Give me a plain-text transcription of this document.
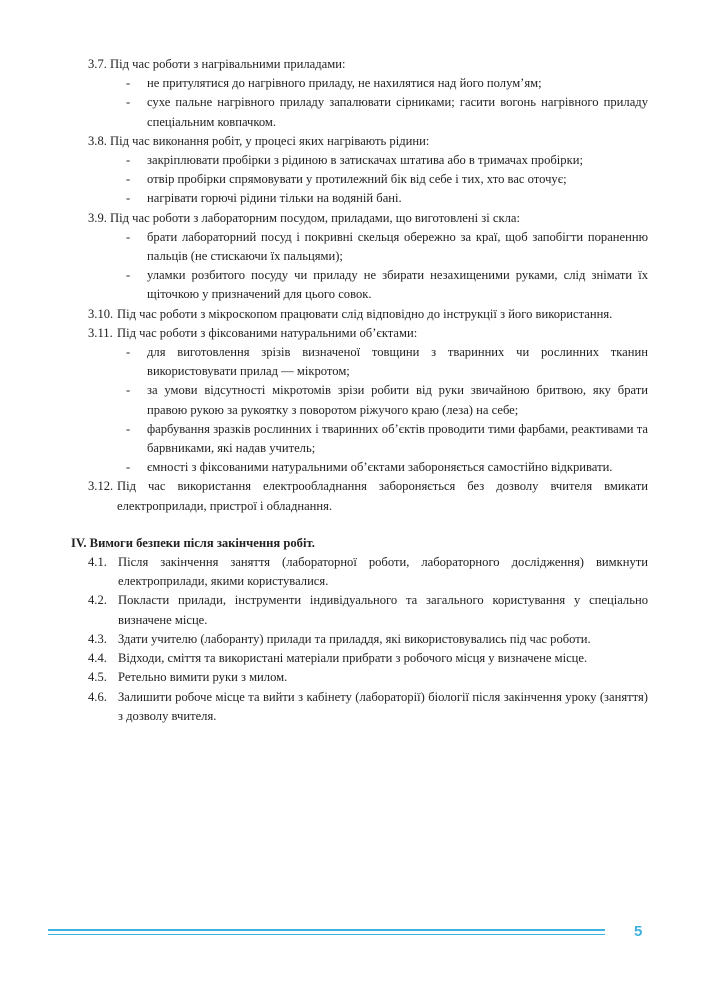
3.7. Під час роботи з нагрівальними приладами:
- не притулятися до нагрівного приладу, не нахилятися над його полум’ям;
- сухе пальне нагрівного приладу запалювати сірниками; гасити вогонь нагрівного приладу спеціальним ковпачком.
3.8. Під час виконання робіт, у процесі яких нагрівають рідини:
- закріплювати пробірки з рідиною в затискачах штатива або в тримачах пробірки;
- отвір пробірки спрямовувати у протилежний бік від себе і тих, хто вас оточує;
- нагрівати горючі рідини тільки на водяній бані.
3.9. Під час роботи з лабораторним посудом, приладами, що виготовлені зі скла:
- брати лабораторний посуд і покривні скельця обережно за краї, щоб запобігти пораненню пальців (не стискаючи їх пальцями);
- уламки розбитого посуду чи приладу не збирати незахищеними руками, слід знімати їх щіточкою у призначений для цього совок.
3.10. Під час роботи з мікроскопом працювати слід відповідно до інструкції з його використання.
3.11. Під час роботи з фіксованими натуральними об’єктами:
- для виготовлення зрізів визначеної товщини з тваринних чи рослинних тканин використовувати прилад — мікротом;
- за умови відсутності мікротомів зрізи робити від руки звичайною бритвою, яку брати правою рукою за рукоятку з поворотом ріжучого краю (леза) на себе;
- фарбування зразків рослинних і тваринних об’єктів проводити тими фарбами, реактивами та барвниками, які надав учитель;
- ємності з фіксованими натуральними об’єктами забороняється самостійно відкривати.
3.12. Під час використання електрообладнання забороняється без дозволу вчителя вмикати електроприлади, пристрої і обладнання.
IV. Вимоги безпеки після закінчення робіт.
4.1. Після закінчення заняття (лабораторної роботи, лабораторного дослідження) вимкнути електроприлади, якими користувалися.
4.2. Покласти прилади, інструменти індивідуального та загального користування у спеціально визначене місце.
4.3. Здати учителю (лаборанту) прилади та приладдя, які використовувались під час роботи.
4.4. Відходи, сміття та використані матеріали прибрати з робочого місця у визначене місце.
4.5. Ретельно вимити руки з милом.
4.6. Залишити робоче місце та вийти з кабінету (лабораторії) біології після закінчення уроку (заняття) з дозволу вчителя.
5
